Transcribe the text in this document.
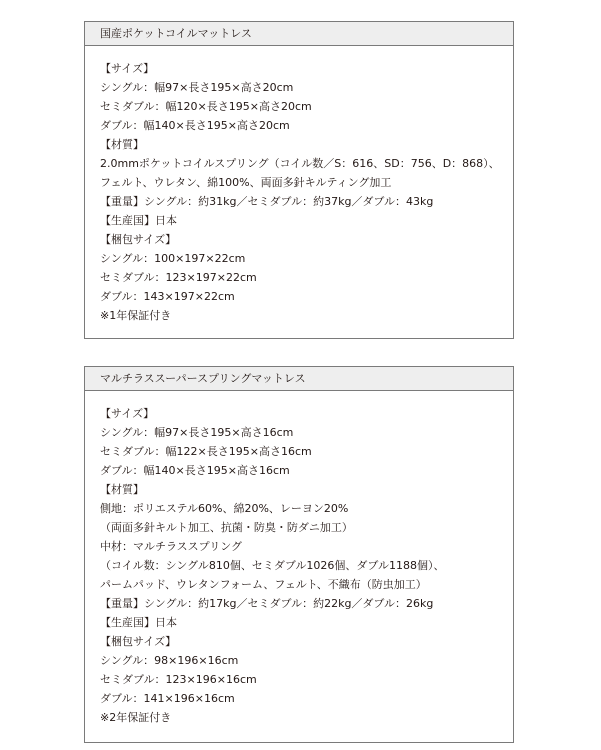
国産ポケットコイルマットレス
【サイズ】
シングル：幅97×長さ195×高さ20cm
セミダブル：幅120×長さ195×高さ20cm
ダブル：幅140×長さ195×高さ20cm
【材質】
2.0mmポケットコイルスプリング（コイル数／S：616、SD：756、D：868）、
フェルト、ウレタン、綿100%、両面多針キルティング加工
【重量】シングル：約31kg／セミダブル：約37kg／ダブル：43kg
【生産国】日本
【梱包サイズ】
シングル：100×197×22cm
セミダブル：123×197×22cm
ダブル：143×197×22cm
※1年保証付き
マルチラススーパースプリングマットレス
【サイズ】
シングル：幅97×長さ195×高さ16cm
セミダブル：幅122×長さ195×高さ16cm
ダブル：幅140×長さ195×高さ16cm
【材質】
側地：ポリエステル60%、綿20%、レーヨン20%
（両面多針キルト加工、抗菌・防臭・防ダニ加工）
中材：マルチラススプリング
（コイル数：シングル810個、セミダブル1026個、ダブル1188個）、
パームパッド、ウレタンフォーム、フェルト、不織布（防虫加工）
【重量】シングル：約17kg／セミダブル：約22kg／ダブル：26kg
【生産国】日本
【梱包サイズ】
シングル：98×196×16cm
セミダブル：123×196×16cm
ダブル：141×196×16cm
※2年保証付き
